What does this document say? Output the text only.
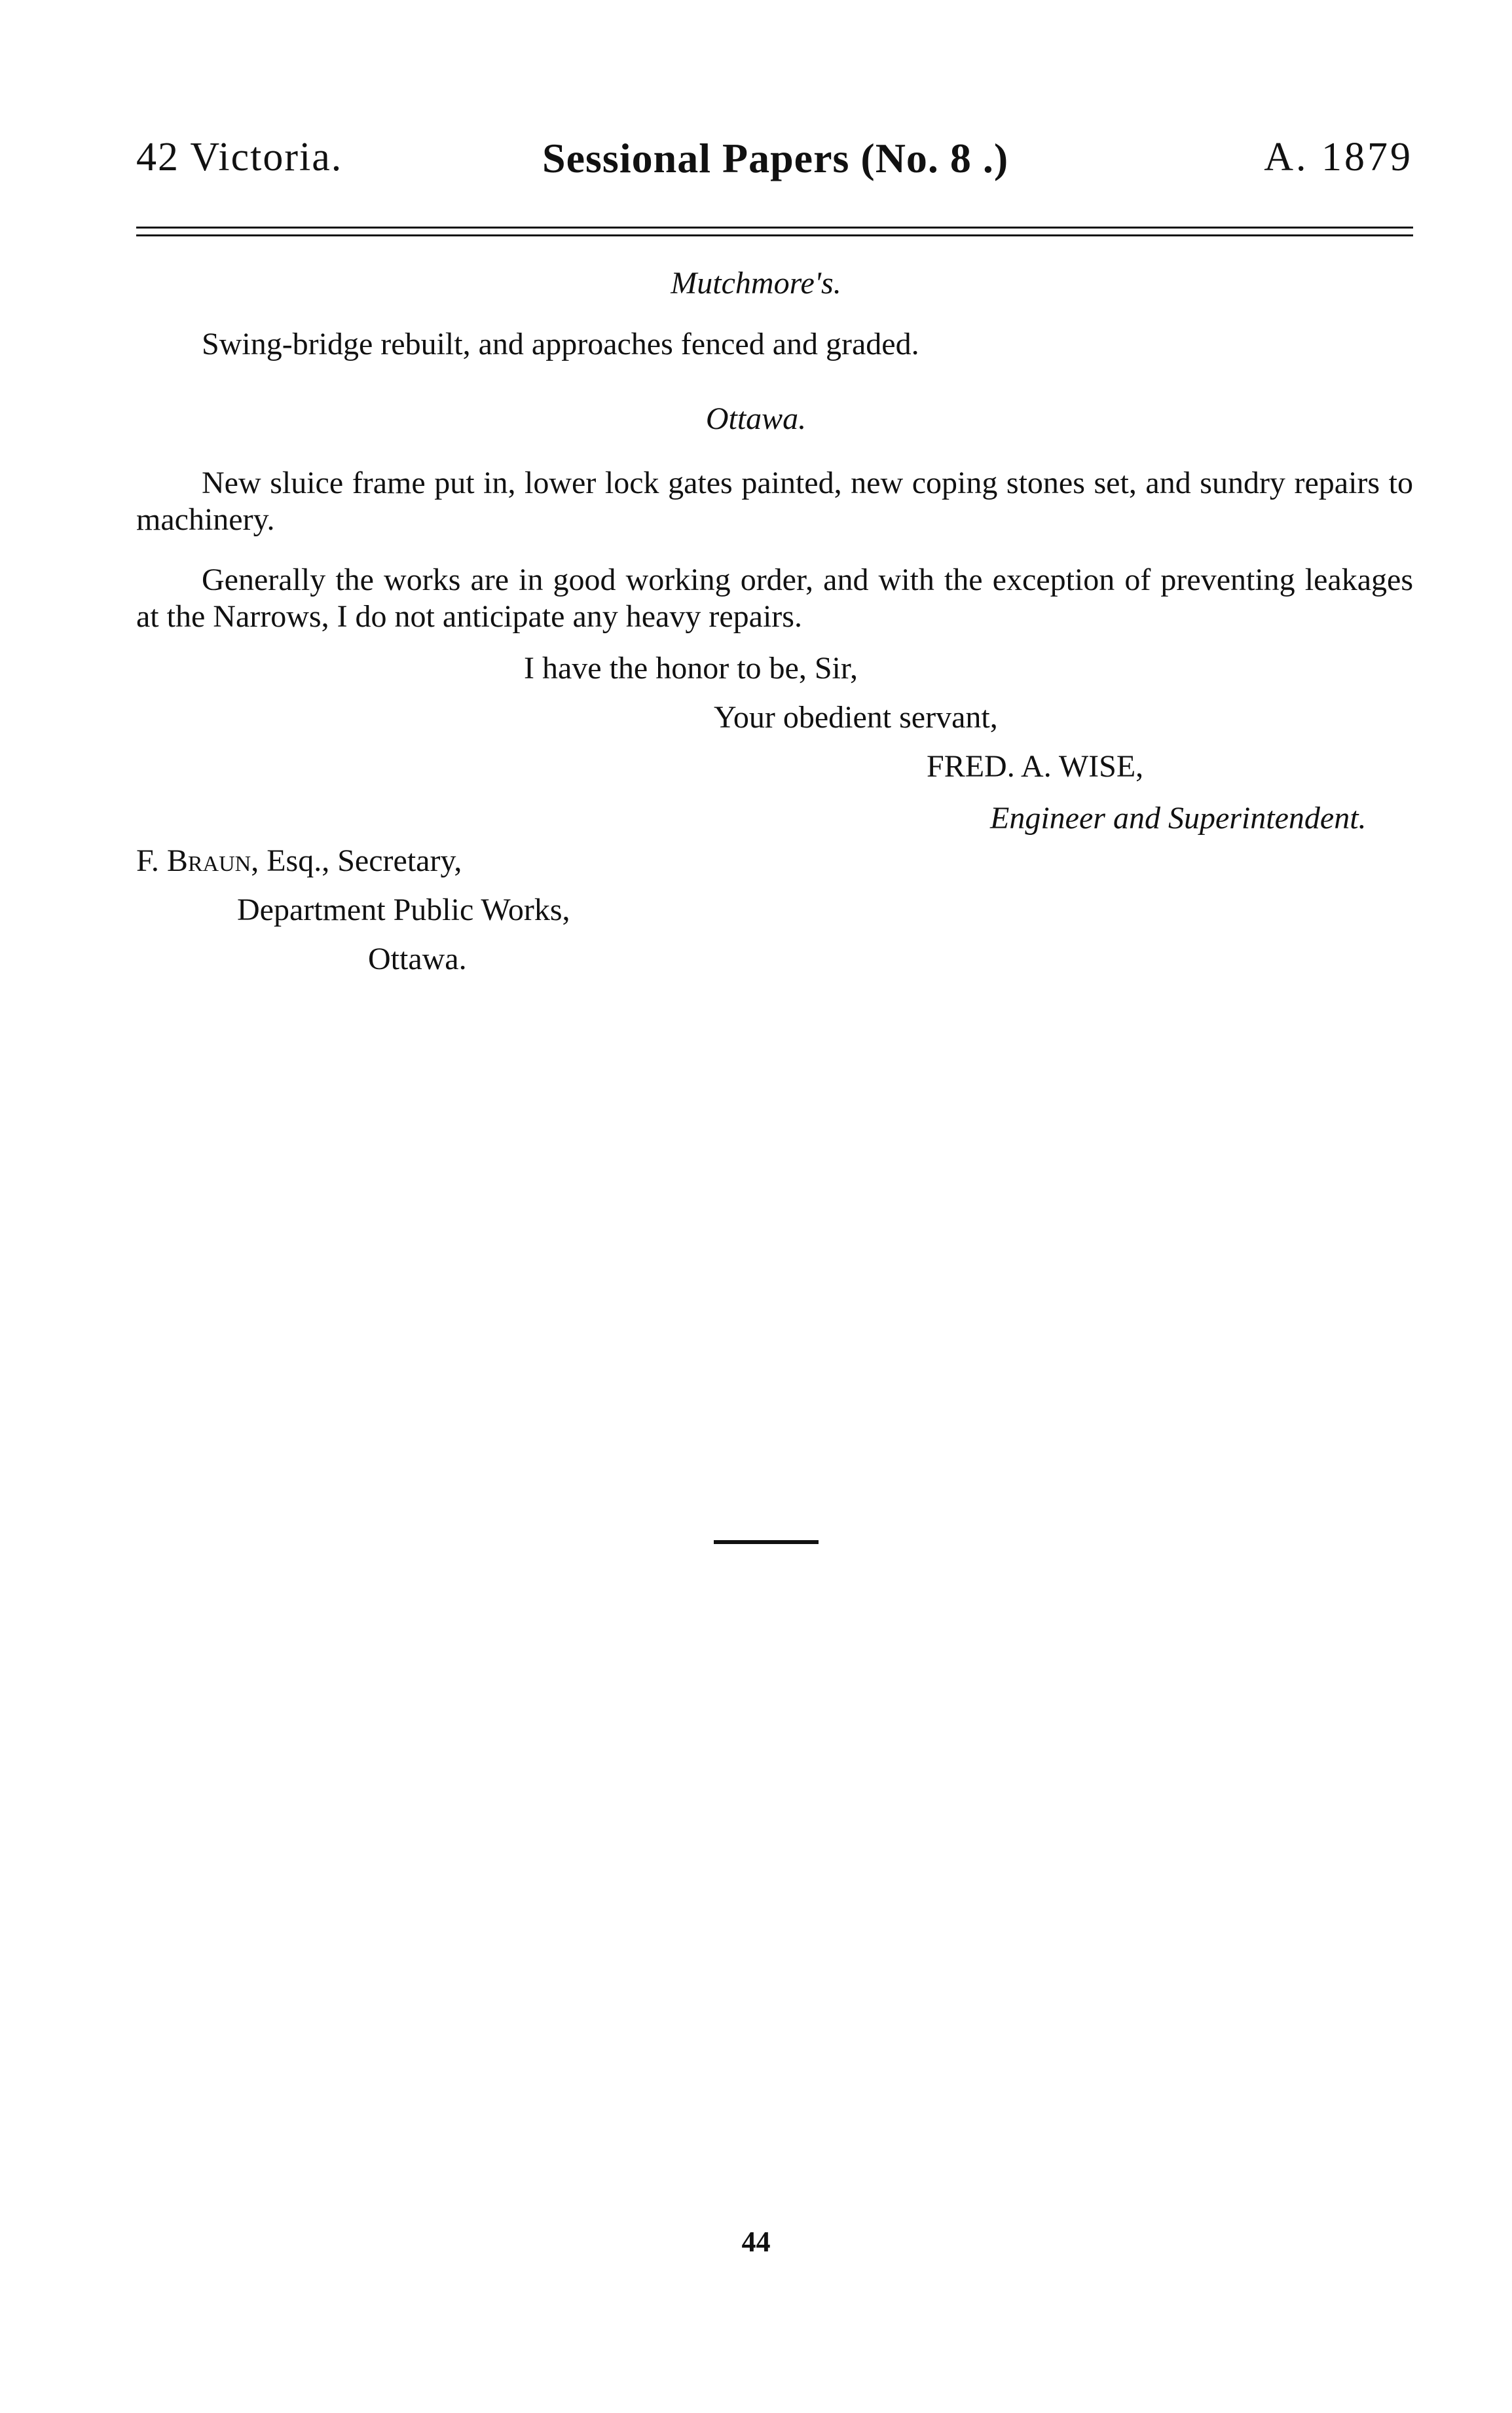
42 Victoria.	Sessional Papers (No. 8 .)	A. 1879
Mutchmore's.
Swing-bridge rebuilt, and approaches fenced and graded.
Ottawa.
New sluice frame put in, lower lock gates painted, new coping stones set, and sundry repairs to machinery.
Generally the works are in good working order, and with the exception of preventing leakages at the Narrows, I do not anticipate any heavy repairs.
I have the honor to be, Sir,
Your obedient servant,
FRED. A. WISE,
Engineer and Superintendent.
F. Braun, Esq., Secretary,
Department Public Works,
Ottawa.
44
